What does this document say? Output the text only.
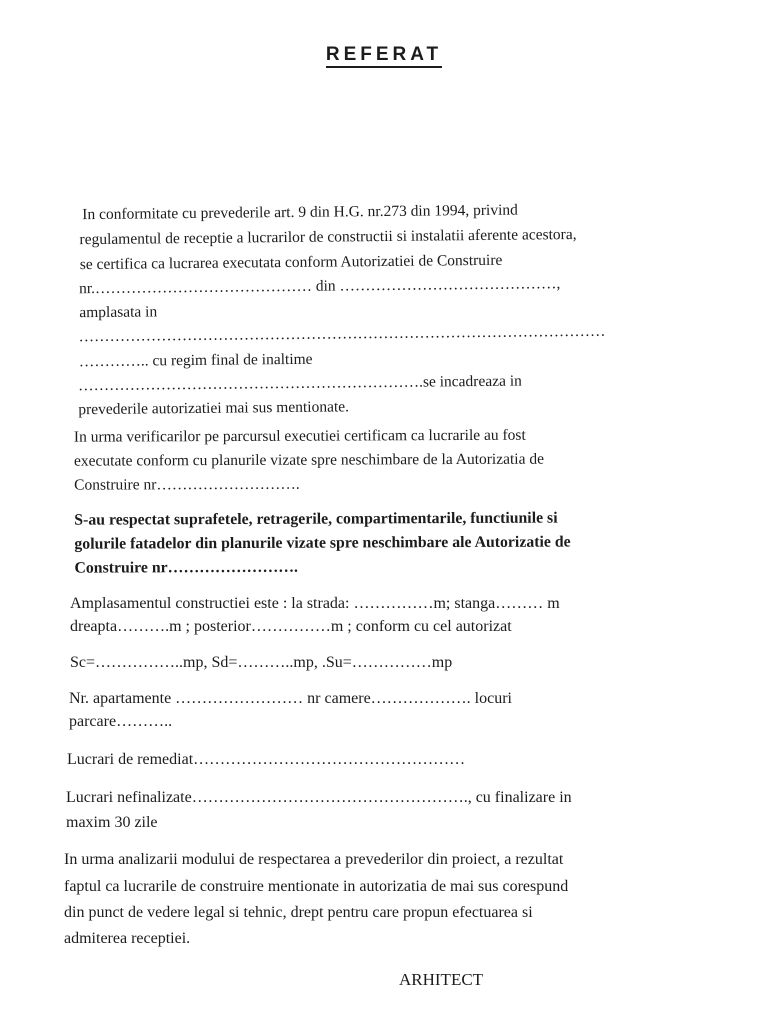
REFERAT
In conformitate cu prevederile art. 9 din H.G. nr.273 din 1994, privind
regulamentul de receptie a lucrarilor de constructii si instalatii aferente acestora,
se certifica ca lucrarea executata conform Autorizatiei de Construire
nr.…………………………………… din ……………………………………,
amplasata in
…………………………………………………………………………………………
………….. cu regim final de inaltime
………………………………………………………….se incadreaza in
prevederile autorizatiei mai sus mentionate.
In urma verificarilor pe parcursul executiei certificam ca lucrarile au fost
executate conform cu planurile vizate spre neschimbare de la Autorizatia de
Construire nr……………………….
S-au respectat suprafetele, retragerile, compartimentarile, functiunile si
golurile fatadelor din planurile vizate spre neschimbare ale Autorizatie de
Construire nr…………………….
Amplasamentul constructiei este : la strada: ……………m; stanga……… m
dreapta……….m ; posterior……………m ; conform cu cel autorizat
Sc=……………..mp, Sd=………..mp, .Su=……………mp
Nr. apartamente …………………… nr camere………………. locuri
parcare………..
Lucrari de remediat……………………………………………
Lucrari nefinalizate……………………………………………., cu finalizare in
maxim 30 zile
In urma analizarii modului de respectarea a prevederilor din proiect, a rezultat
faptul ca lucrarile de construire mentionate in autorizatia de mai sus corespund
din punct de vedere legal si tehnic, drept pentru care propun efectuarea si
admiterea receptiei.
ARHITECT
